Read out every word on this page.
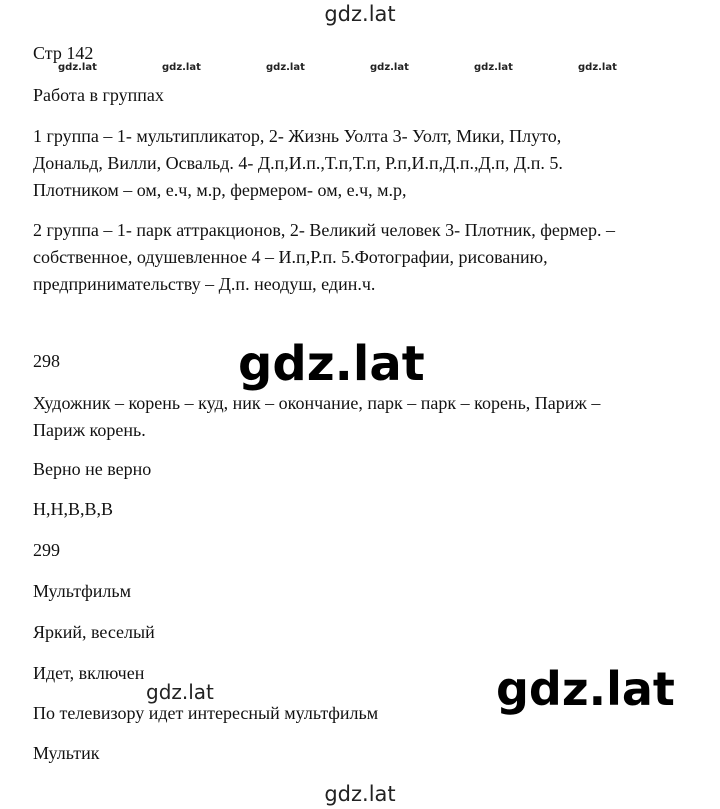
gdz.lat
gdz.lat	gdz.lat	gdz.lat	gdz.lat	gdz.lat	gdz.lat
Стр 142
Работа в группах
1 группа – 1- мультипликатор, 2- Жизнь Уолта 3- Уолт, Мики, Плуто,
Дональд, Вилли, Освальд. 4- Д.п,И.п.,Т.п,Т.п, Р.п,И.п,Д.п.,Д.п, Д.п. 5.
Плотником – ом, е.ч, м.р, фермером- ом, е.ч, м.р,
2 группа – 1- парк аттракционов, 2- Великий человек 3- Плотник, фермер. –
собственное, одушевленное 4 – И.п,Р.п. 5.Фотографии, рисованию,
предпринимательству – Д.п. неодуш, един.ч.
298
Художник – корень – куд, ник – окончание, парк – парк – корень, Париж –
Париж корень.
Верно не верно
Н,Н,В,В,В
299
Мультфильм
Яркий, веселый
Идет, включен
По телевизору идет интересный мультфильм
Мультик
gdz.lat
gdz.lat
gdz.lat
gdz.lat
